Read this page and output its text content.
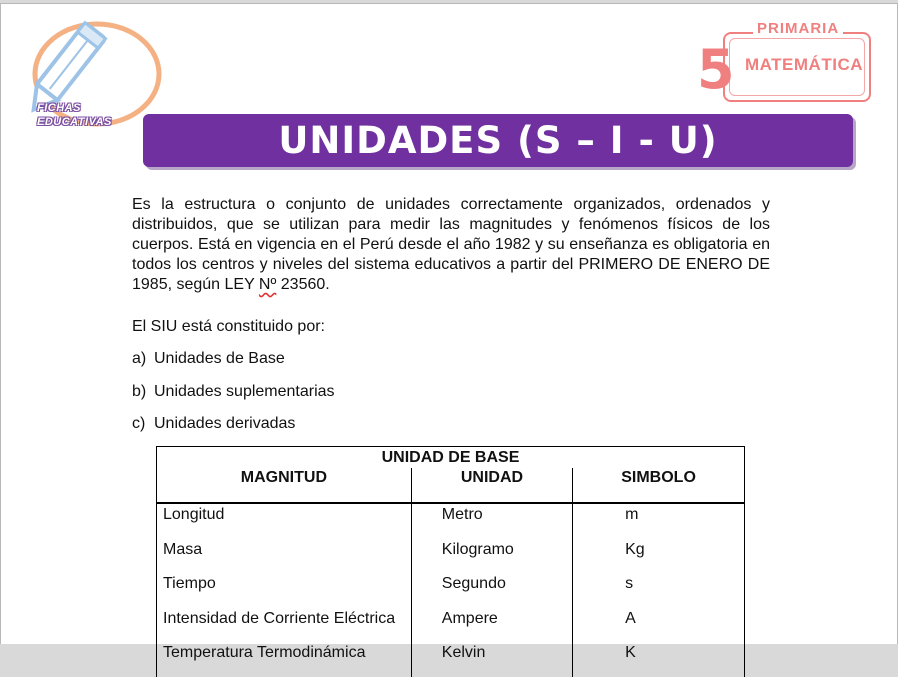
FICHAS
EDUCATIVAS
PRIMARIA
5 MATEMÁTICA
UNIDADES (S – I - U)
Es la estructura o conjunto de unidades correctamente organizados, ordenados y distribuidos, que se utilizan para medir las magnitudes y fenómenos físicos de los cuerpos. Está en vigencia en el Perú desde el año 1982 y su enseñanza es obligatoria en todos los centros y niveles del sistema educativos a partir del PRIMERO DE ENERO DE 1985, según LEY Nº 23560.
El SIU está constituido por:
a) Unidades de Base
b) Unidades suplementarias
c) Unidades derivadas
UNIDAD DE BASE		
MAGNITUD	UNIDAD	SIMBOLO
Longitud	Metro	m
Masa	Kilogramo	Kg
Tiempo	Segundo	s
Intensidad de Corriente Eléctrica	Ampere	A
Temperatura Termodinámica	Kelvin	K
